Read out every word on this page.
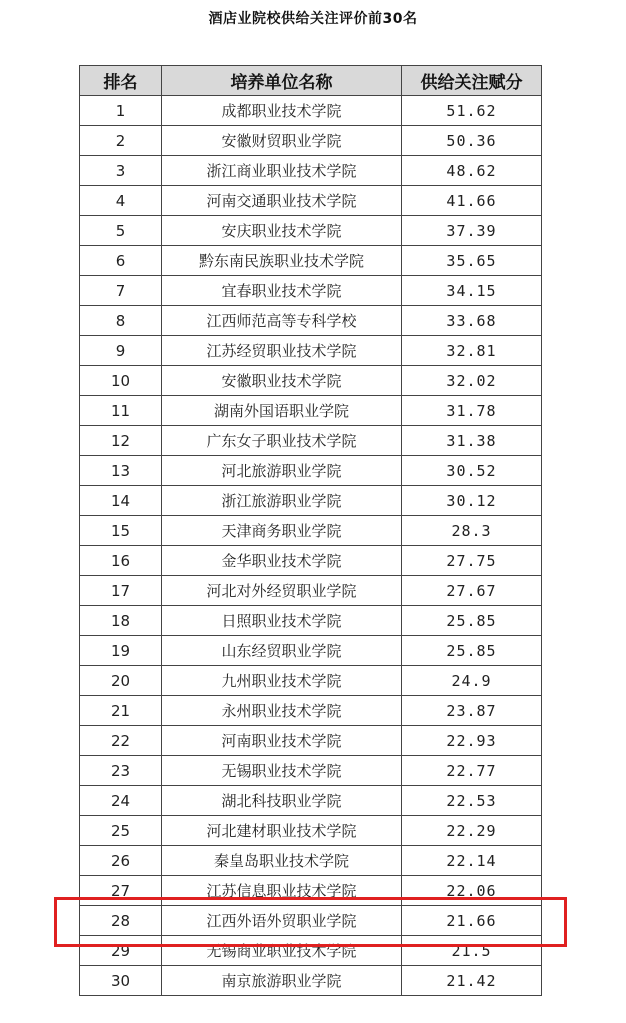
酒店业院校供给关注评价前30名
排名	培养单位名称	供给关注赋分
1	成都职业技术学院	51.62
2	安徽财贸职业学院	50.36
3	浙江商业职业技术学院	48.62
4	河南交通职业技术学院	41.66
5	安庆职业技术学院	37.39
6	黔东南民族职业技术学院	35.65
7	宜春职业技术学院	34.15
8	江西师范高等专科学校	33.68
9	江苏经贸职业技术学院	32.81
10	安徽职业技术学院	32.02
11	湖南外国语职业学院	31.78
12	广东女子职业技术学院	31.38
13	河北旅游职业学院	30.52
14	浙江旅游职业学院	30.12
15	天津商务职业学院	28.3
16	金华职业技术学院	27.75
17	河北对外经贸职业学院	27.67
18	日照职业技术学院	25.85
19	山东经贸职业学院	25.85
20	九州职业技术学院	24.9
21	永州职业技术学院	23.87
22	河南职业技术学院	22.93
23	无锡职业技术学院	22.77
24	湖北科技职业学院	22.53
25	河北建材职业技术学院	22.29
26	秦皇岛职业技术学院	22.14
27	江苏信息职业技术学院	22.06
28	江西外语外贸职业学院	21.66
29	无锡商业职业技术学院	21.5
30	南京旅游职业学院	21.42
